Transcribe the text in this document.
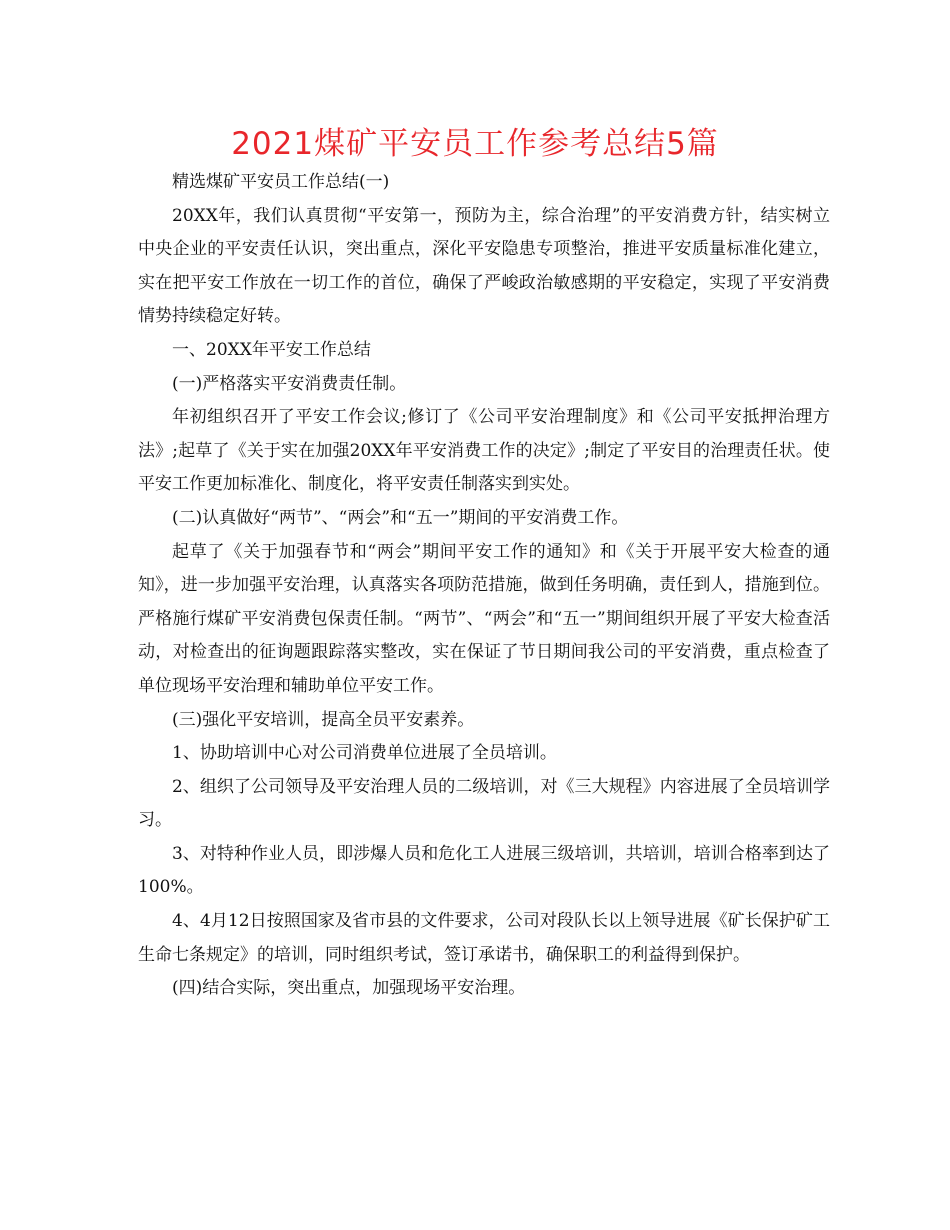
2021煤矿平安员工作参考总结5篇

精选煤矿平安员工作总结(一)

20XX年，我们认真贯彻“平安第一，预防为主，综合治理”的平安消费方针，结实树立中央企业的平安责任认识，突出重点，深化平安隐患专项整治，推进平安质量标准化建立，实在把平安工作放在一切工作的首位，确保了严峻政治敏感期的平安稳定，实现了平安消费情势持续稳定好转。

一、20XX年平安工作总结

(一)严格落实平安消费责任制。

年初组织召开了平安工作会议;修订了《公司平安治理制度》和《公司平安抵押治理方法》;起草了《关于实在加强20XX年平安消费工作的决定》;制定了平安目的治理责任状。使平安工作更加标准化、制度化，将平安责任制落实到实处。

(二)认真做好“两节”、“两会”和“五一”期间的平安消费工作。

起草了《关于加强春节和“两会”期间平安工作的通知》和《关于开展平安大检查的通知》，进一步加强平安治理，认真落实各项防范措施，做到任务明确，责任到人，措施到位。严格施行煤矿平安消费包保责任制。“两节”、“两会”和“五一”期间组织开展了平安大检查活动，对检查出的征询题跟踪落实整改，实在保证了节日期间我公司的平安消费，重点检查了单位现场平安治理和辅助单位平安工作。

(三)强化平安培训，提高全员平安素养。

1、协助培训中心对公司消费单位进展了全员培训。

2、组织了公司领导及平安治理人员的二级培训，对《三大规程》内容进展了全员培训学习。

3、对特种作业人员，即涉爆人员和危化工人进展三级培训，共培训，培训合格率到达了100%。

4、4月12日按照国家及省市县的文件要求，公司对段队长以上领导进展《矿长保护矿工生命七条规定》的培训，同时组织考试，签订承诺书，确保职工的利益得到保护。

(四)结合实际，突出重点，加强现场平安治理。
